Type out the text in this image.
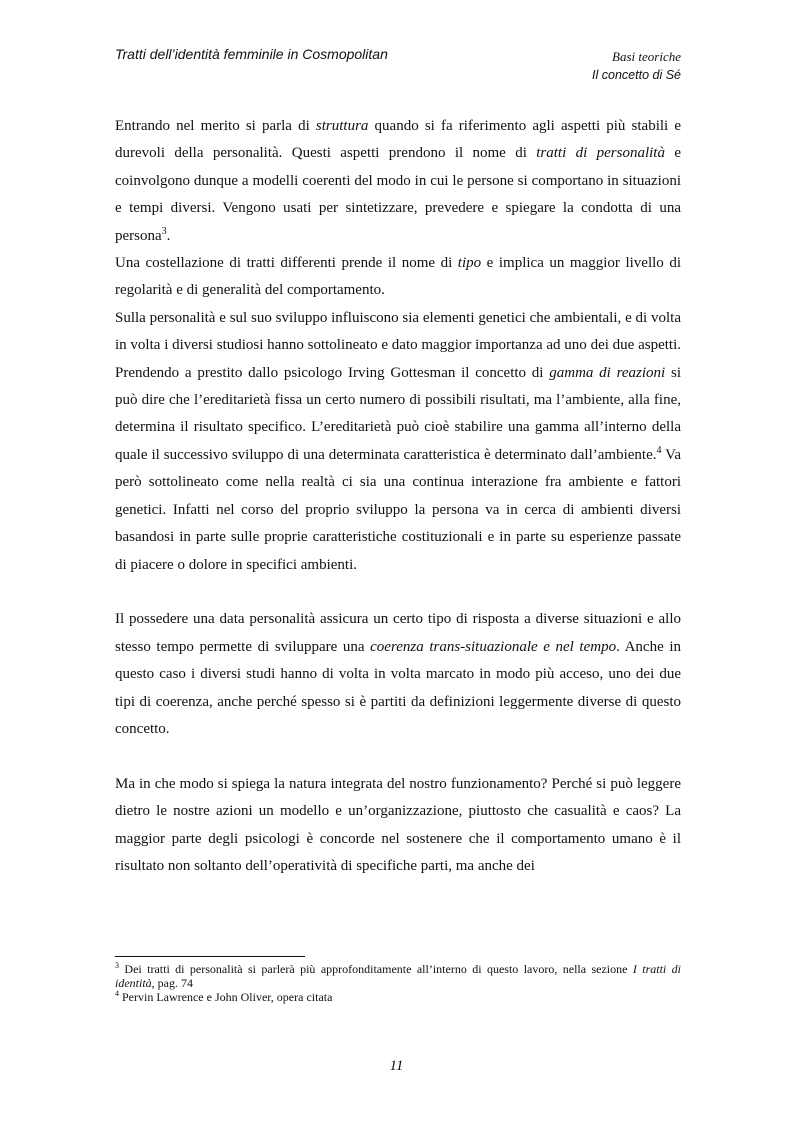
Tratti dell’identità femminile in Cosmopolitan	Basi teoriche
Il concetto di Sé

Entrando nel merito si parla di struttura quando si fa riferimento agli aspetti più stabili e durevoli della personalità. Questi aspetti prendono il nome di tratti di personalità e coinvolgono dunque a modelli coerenti del modo in cui le persone si comportano in situazioni e tempi diversi. Vengono usati per sintetizzare, prevedere e spiegare la condotta di una persona$^3$.

Una costellazione di tratti differenti prende il nome di tipo e implica un maggior livello di regolarità e di generalità del comportamento.

Sulla personalità e sul suo sviluppo influiscono sia elementi genetici che ambientali, e di volta in volta i diversi studiosi hanno sottolineato e dato maggior importanza ad uno dei due aspetti. Prendendo a prestito dallo psicologo Irving Gottesman il concetto di gamma di reazioni si può dire che l’ereditarietà fissa un certo numero di possibili risultati, ma l’ambiente, alla fine, determina il risultato specifico. L’ereditarietà può cioè stabilire una gamma all’interno della quale il successivo sviluppo di una determinata caratteristica è determinato dall’ambiente.$^4$ Va però sottolineato come nella realtà ci sia una continua interazione fra ambiente e fattori genetici. Infatti nel corso del proprio sviluppo la persona va in cerca di ambienti diversi basandosi in parte sulle proprie caratteristiche costituzionali e in parte su esperienze passate di piacere o dolore in specifici ambienti.

Il possedere una data personalità assicura un certo tipo di risposta a diverse situazioni e allo stesso tempo permette di sviluppare una coerenza trans-situazionale e nel tempo. Anche in questo caso i diversi studi hanno di volta in volta marcato in modo più acceso, uno dei due tipi di coerenza, anche perché spesso si è partiti da definizioni leggermente diverse di questo concetto.

Ma in che modo si spiega la natura integrata del nostro funzionamento? Perché si può leggere dietro le nostre azioni un modello e un’organizzazione, piuttosto che casualità e caos? La maggior parte degli psicologi è concorde nel sostenere che il comportamento umano è il risultato non soltanto dell’operatività di specifiche parti, ma anche dei

$^3$ Dei tratti di personalità si parlerà più approfonditamente all’interno di questo lavoro, nella sezione I tratti di identità, pag. 74

$^4$ Pervin Lawrence e John Oliver, opera citata

11
